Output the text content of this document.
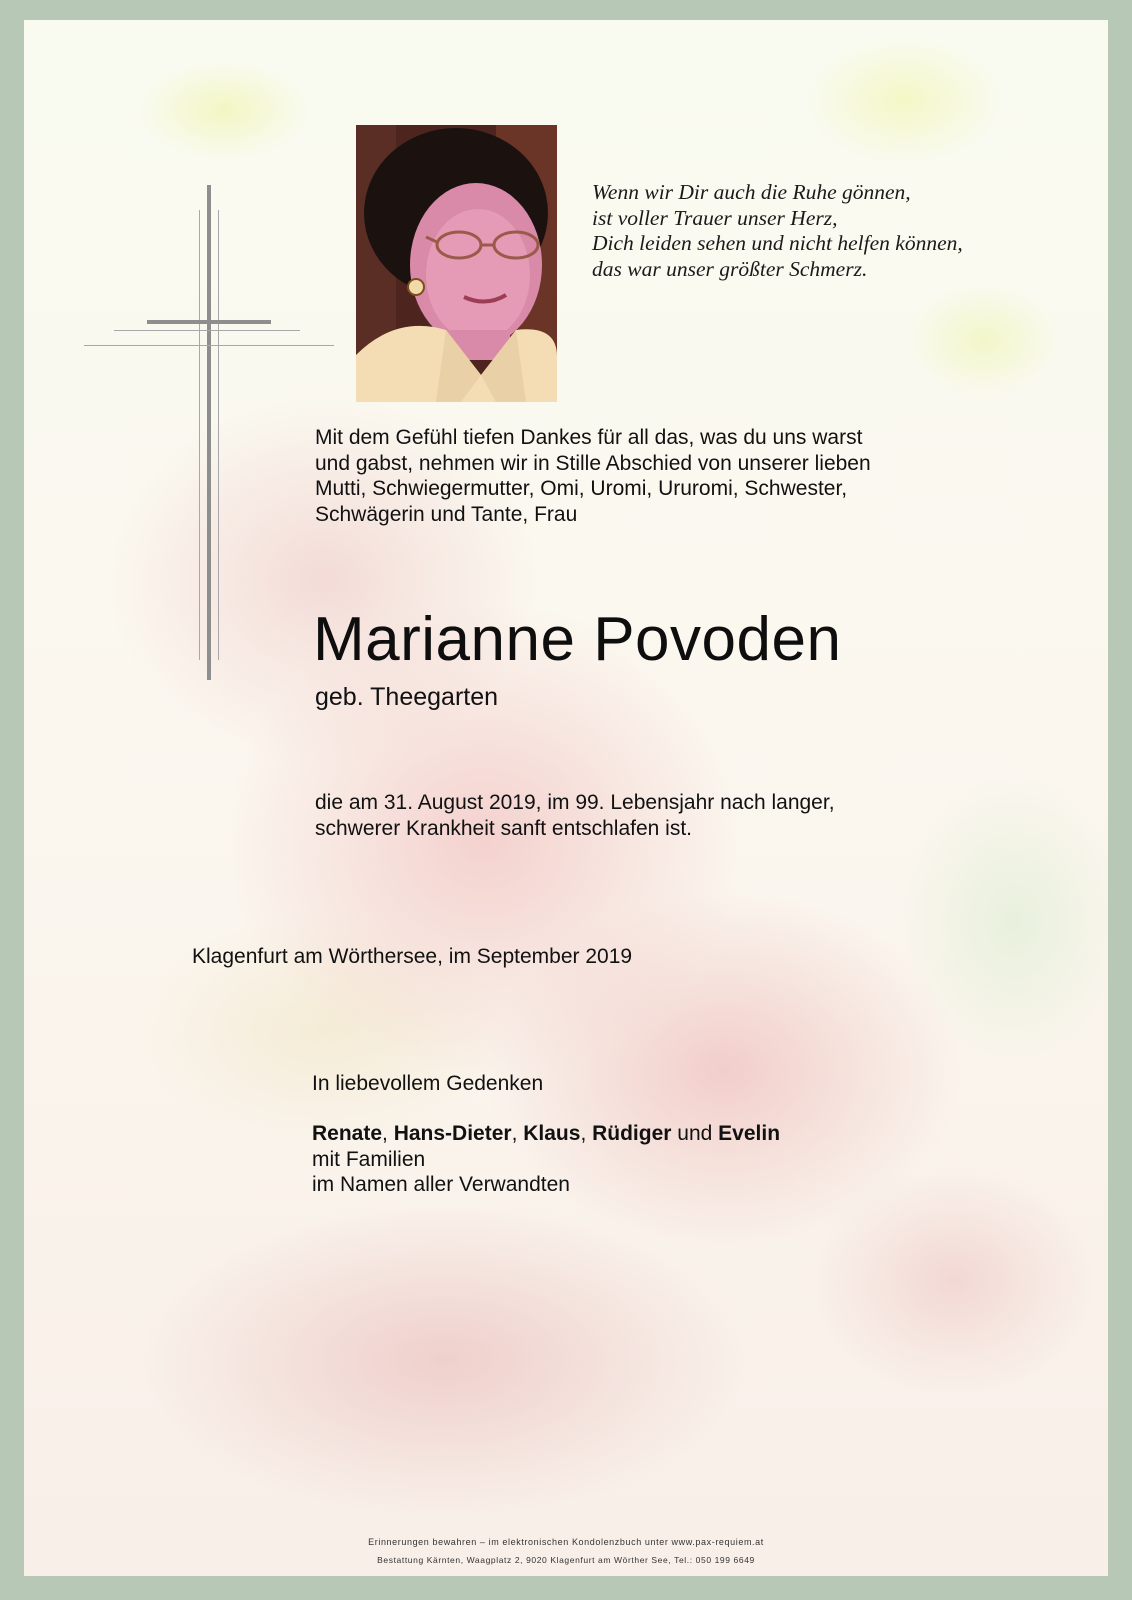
Wenn wir Dir auch die Ruhe gönnen,
ist voller Trauer unser Herz,
Dich leiden sehen und nicht helfen können,
das war unser größter Schmerz.
Mit dem Gefühl tiefen Dankes für all das, was du uns warst
und gabst, nehmen wir in Stille Abschied von unserer lieben
Mutti, Schwiegermutter, Omi, Uromi, Ururomi, Schwester,
Schwägerin und Tante, Frau
Marianne Povoden
geb. Theegarten
die am 31. August 2019, im 99. Lebensjahr nach langer,
schwerer Krankheit sanft entschlafen ist.
Klagenfurt am Wörthersee, im September 2019
In liebevollem Gedenken
Renate, Hans-Dieter, Klaus, Rüdiger und Evelin
mit Familien
im Namen aller Verwandten
Erinnerungen bewahren – im elektronischen Kondolenzbuch unter www.pax-requiem.at
Bestattung Kärnten, Waagplatz 2, 9020 Klagenfurt am Wörther See, Tel.: 050 199 6649
